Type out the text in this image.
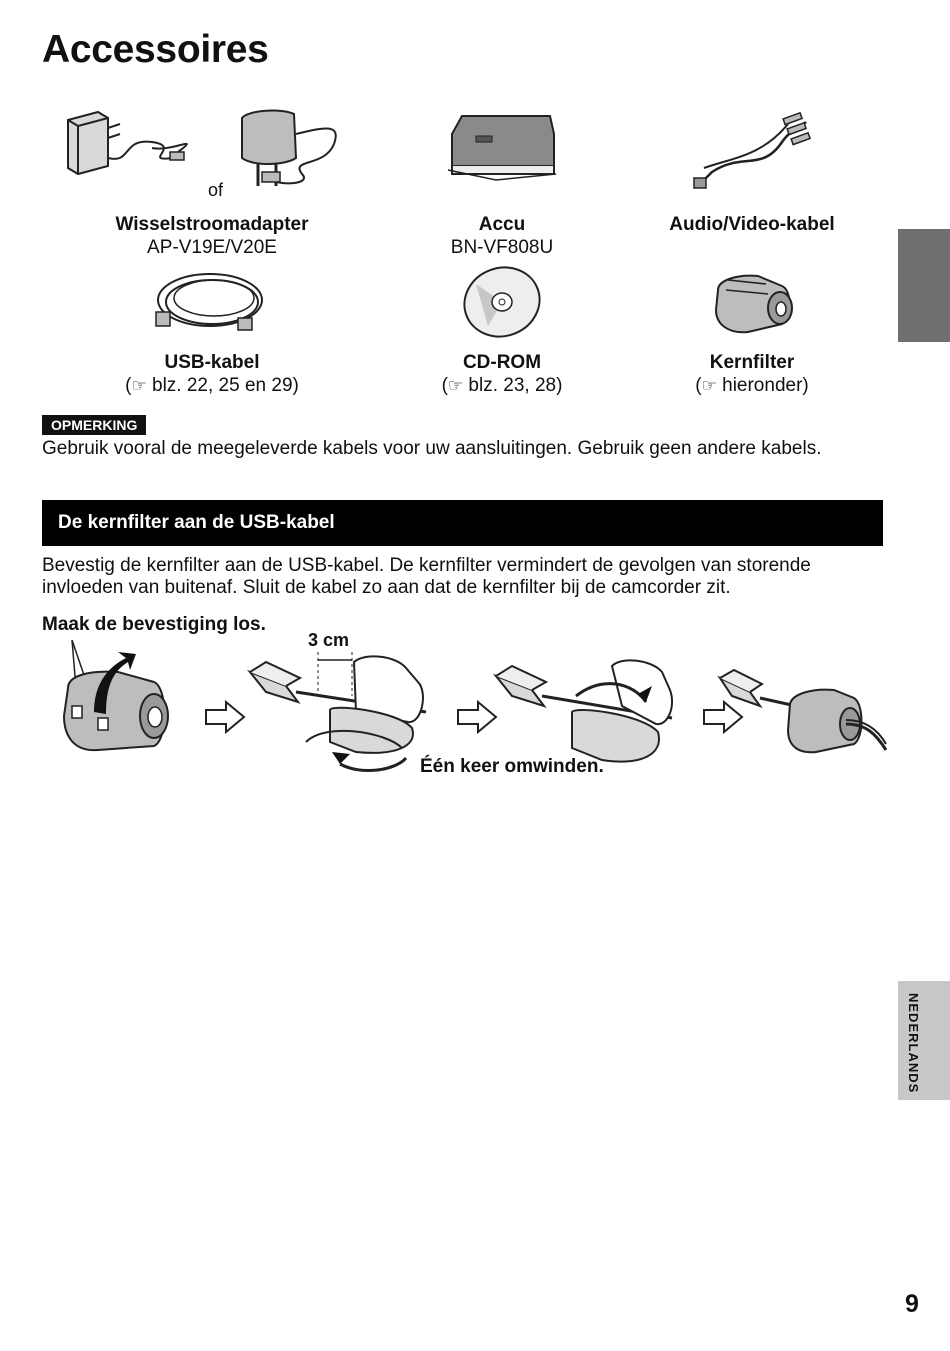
Accessoires
of
Wisselstroomadapter
AP-V19E/V20E
Accu
BN-VF808U
Audio/Video-kabel
USB-kabel
(☞ blz. 22, 25 en 29)
CD-ROM
(☞ blz. 23, 28)
Kernfilter
(☞ hieronder)
NEDERLANDS
OPMERKING
Gebruik vooral de meegeleverde kabels voor uw aansluitingen. Gebruik geen andere kabels.
De kernfilter aan de USB-kabel
Bevestig de kernfilter aan de USB-kabel. De kernfilter vermindert de gevolgen van storende invloeden van buitenaf. Sluit de kabel zo aan dat de kernfilter bij de camcorder zit.
Maak de bevestiging los.
3 cm
Één keer omwinden.
9
